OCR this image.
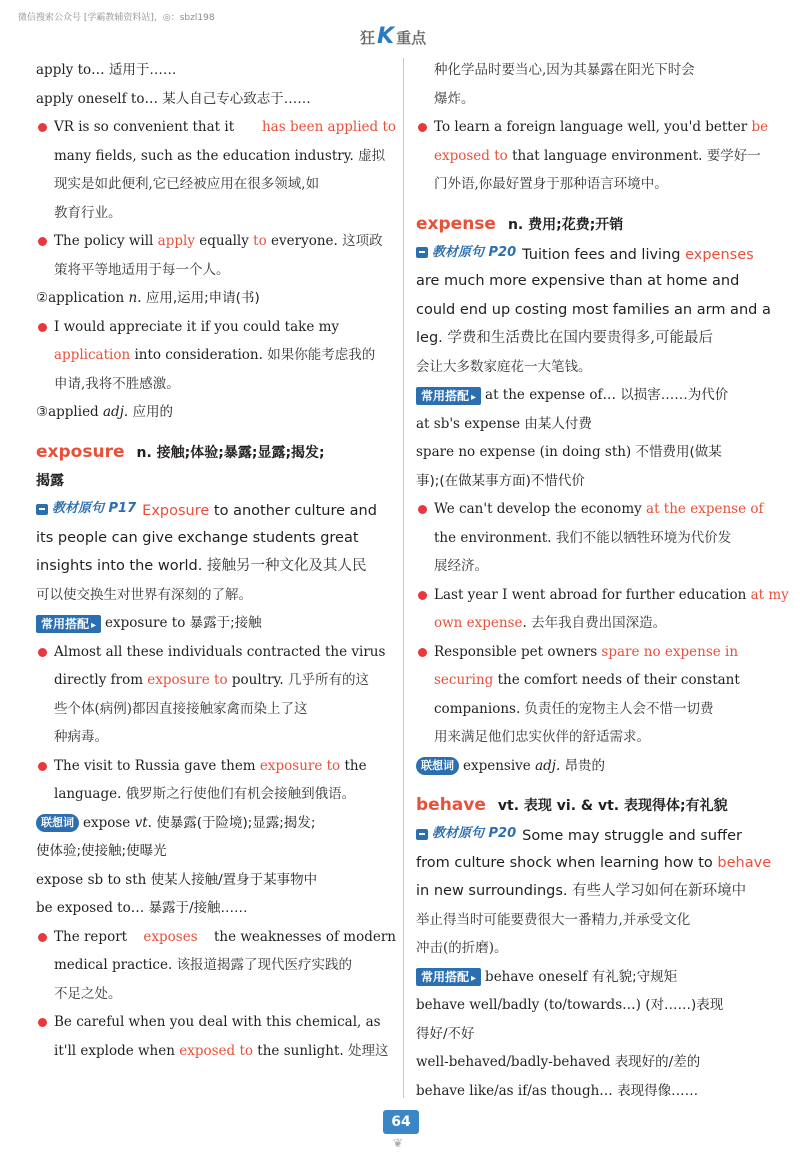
微信搜索公众号 [学霸教辅资料站]，◎：sbzl198
狂 K 重点
apply to… 适用于……
apply oneself to… 某人自己专心致志于……
VR is so convenient that it has been applied to
many fields, such as the education industry. 虚拟
现实是如此便利,它已经被应用在很多领域,如
教育行业。
The policy will apply equally to everyone. 这项政
策将平等地适用于每一个人。
②application n. 应用,运用;申请(书)
I would appreciate it if you could take my
application into consideration. 如果你能考虑我的
申请,我将不胜感激。
③applied adj. 应用的
exposure n. 接触;体验;暴露;显露;揭发;
揭露
教材原句 P17 Exposure to another culture and
its people can give exchange students great
insights into the world. 接触另一种文化及其人民
可以使交换生对世界有深刻的了解。
常用搭配 ▸ exposure to 暴露于;接触
Almost all these individuals contracted the virus
directly from exposure to poultry. 几乎所有的这
些个体(病例)都因直接接触家禽而染上了这
种病毒。
The visit to Russia gave them exposure to the
language. 俄罗斯之行使他们有机会接触到俄语。
联想词 expose vt. 使暴露(于险境);显露;揭发;
使体验;使接触;使曝光
expose sb to sth 使某人接触/置身于某事物中
be exposed to… 暴露于/接触……
The report exposes the weaknesses of modern
medical practice. 该报道揭露了现代医疗实践的
不足之处。
Be careful when you deal with this chemical, as
it'll explode when exposed to the sunlight. 处理这
种化学品时要当心,因为其暴露在阳光下时会
爆炸。
To learn a foreign language well, you'd better be
exposed to that language environment. 要学好一
门外语,你最好置身于那种语言环境中。
expense n. 费用;花费;开销
教材原句 P20 Tuition fees and living expenses
are much more expensive than at home and
could end up costing most families an arm and a
leg. 学费和生活费比在国内要贵得多,可能最后
会让大多数家庭花一大笔钱。
常用搭配 ▸ at the expense of… 以损害……为代价
at sb's expense 由某人付费
spare no expense (in doing sth) 不惜费用(做某
事);(在做某事方面)不惜代价
We can't develop the economy at the expense of
the environment. 我们不能以牺牲环境为代价发
展经济。
Last year I went abroad for further education at my
own expense. 去年我自费出国深造。
Responsible pet owners spare no expense in
securing the comfort needs of their constant
companions. 负责任的宠物主人会不惜一切费
用来满足他们忠实伙伴的舒适需求。
联想词 expensive adj. 昂贵的
behave vt. 表现 vi. & vt. 表现得体;有礼貌
教材原句 P20 Some may struggle and suffer
from culture shock when learning how to behave
in new surroundings. 有些人学习如何在新环境中
举止得当时可能要费很大一番精力,并承受文化
冲击(的折磨)。
常用搭配 ▸ behave oneself 有礼貌;守规矩
behave well/badly (to/towards…) (对……)表现
得好/不好
well-behaved/badly-behaved 表现好的/差的
behave like/as if/as though… 表现得像……
64
❦
